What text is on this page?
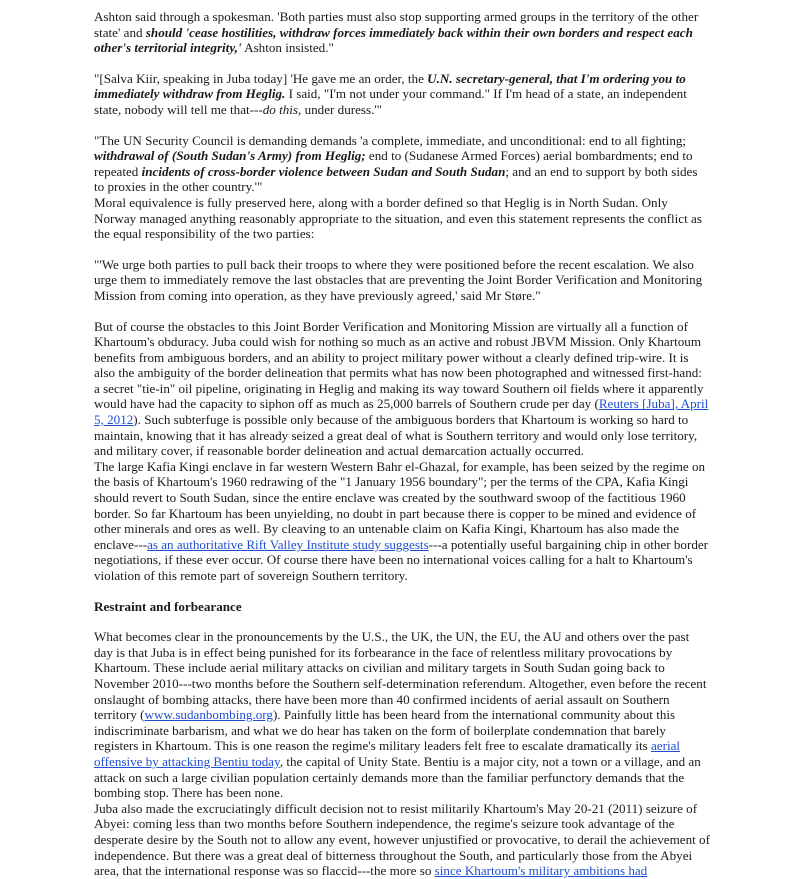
Ashton said through a spokesman. 'Both parties must also stop supporting armed groups in the territory of the other state' and should 'cease hostilities, withdraw forces immediately back within their own borders and respect each other's territorial integrity,' Ashton insisted."

"[Salva Kiir, speaking in Juba today] 'He gave me an order, the U.N. secretary-general, that I'm ordering you to immediately withdraw from Heglig. I said, "I'm not under your command." If I'm head of a state, an independent state, nobody will tell me that---do this, under duress.'"

"The UN Security Council is demanding demands 'a complete, immediate, and unconditional: end to all fighting; withdrawal of (South Sudan's Army) from Heglig; end to (Sudanese Armed Forces) aerial bombardments; end to repeated incidents of cross-border violence between Sudan and South Sudan; and an end to support by both sides to proxies in the other country.'"

Moral equivalence is fully preserved here, along with a border defined so that Heglig is in North Sudan. Only Norway managed anything reasonably appropriate to the situation, and even this statement represents the conflict as the equal responsibility of the two parties:

"'We urge both parties to pull back their troops to where they were positioned before the recent escalation. We also urge them to immediately remove the last obstacles that are preventing the Joint Border Verification and Monitoring Mission from coming into operation, as they have previously agreed,' said Mr Støre."

But of course the obstacles to this Joint Border Verification and Monitoring Mission are virtually all a function of Khartoum's obduracy. Juba could wish for nothing so much as an active and robust JBVM Mission. Only Khartoum benefits from ambiguous borders, and an ability to project military power without a clearly defined trip-wire. It is also the ambiguity of the border delineation that permits what has now been photographed and witnessed first-hand: a secret "tie-in" oil pipeline, originating in Heglig and making its way toward Southern oil fields where it apparently would have had the capacity to siphon off as much as 25,000 barrels of Southern crude per day (Reuters [Juba], April 5, 2012). Such subterfuge is possible only because of the ambiguous borders that Khartoum is working so hard to maintain, knowing that it has already seized a great deal of what is Southern territory and would only lose territory, and military cover, if reasonable border delineation and actual demarcation actually occurred.

The large Kafia Kingi enclave in far western Western Bahr el-Ghazal, for example, has been seized by the regime on the basis of Khartoum's 1960 redrawing of the "1 January 1956 boundary"; per the terms of the CPA, Kafia Kingi should revert to South Sudan, since the entire enclave was created by the southward swoop of the factitious 1960 border. So far Khartoum has been unyielding, no doubt in part because there is copper to be mined and evidence of other minerals and ores as well. By cleaving to an untenable claim on Kafia Kingi, Khartoum has also made the enclave---as an authoritative Rift Valley Institute study suggests---a potentially useful bargaining chip in other border negotiations, if these ever occur. Of course there have been no international voices calling for a halt to Khartoum's violation of this remote part of sovereign Southern territory.

Restraint and forbearance

What becomes clear in the pronouncements by the U.S., the UK, the UN, the EU, the AU and others over the past day is that Juba is in effect being punished for its forbearance in the face of relentless military provocations by Khartoum. These include aerial military attacks on civilian and military targets in South Sudan going back to November 2010---two months before the Southern self-determination referendum. Altogether, even before the recent onslaught of bombing attacks, there have been more than 40 confirmed incidents of aerial assault on Southern territory (www.sudanbombing.org). Painfully little has been heard from the international community about this indiscriminate barbarism, and what we do hear has taken on the form of boilerplate condemnation that barely registers in Khartoum. This is one reason the regime's military leaders felt free to escalate dramatically its aerial offensive by attacking Bentiu today, the capital of Unity State. Bentiu is a major city, not a town or a village, and an attack on such a large civilian population certainly demands more than the familiar perfunctory demands that the bombing stop. There has been none.

Juba also made the excruciatingly difficult decision not to resist militarily Khartoum's May 20-21 (2011) seizure of Abyei: coming less than two months before Southern independence, the regime's seizure took advantage of the desperate desire by the South not to allow any event, however unjustified or provocative, to derail the achievement of independence. But there was a great deal of bitterness throughout the South, and particularly those from the Abyei area, that the international response was so flaccid---the more so since Khartoum's military ambitions had
